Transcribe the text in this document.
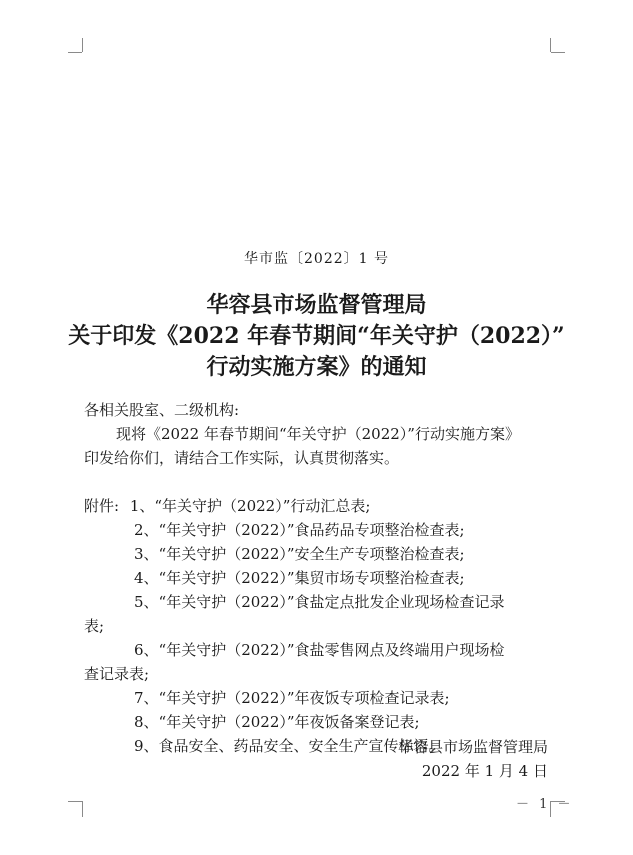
华市监〔2022〕1 号
华容县市场监督管理局
关于印发《2022 年春节期间“年关守护（2022）”
行动实施方案》的通知
各相关股室、二级机构:
现将《2022 年春节期间“年关守护（2022）”行动实施方案》
印发给你们，请结合工作实际，认真贯彻落实。
附件: 1、“年关守护（2022）”行动汇总表;
2、“年关守护（2022）”食品药品专项整治检查表;
3、“年关守护（2022）”安全生产专项整治检查表;
4、“年关守护（2022）”集贸市场专项整治检查表;
5、“年关守护（2022）”食盐定点批发企业现场检查记录
表;
6、“年关守护（2022）”食盐零售网点及终端用户现场检
查记录表;
7、“年关守护（2022）”年夜饭专项检查记录表;
8、“年关守护（2022）”年夜饭备案登记表;
9、食品安全、药品安全、安全生产宣传标语。
华容县市场监督管理局
2022 年 1 月 4 日
－ 1 －
